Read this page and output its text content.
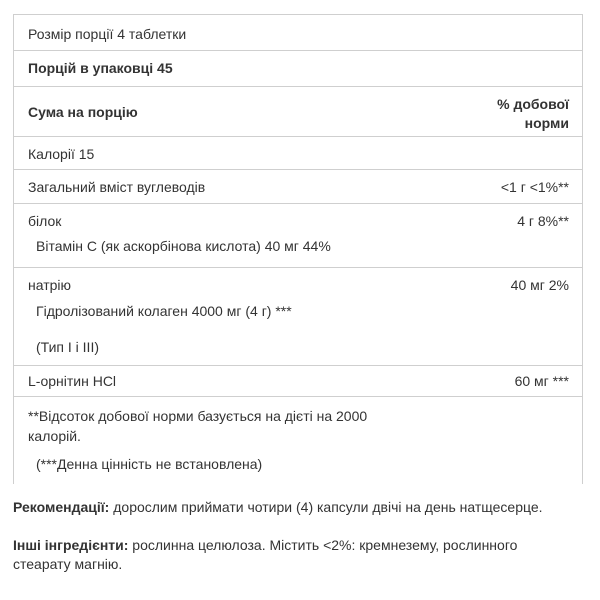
Розмір порції 4 таблетки
Порцій в упаковці 45
Сума на порцію	% добової
норми
Калорії 15
Загальний вміст вуглеводів	<1 г <1%**
білок	4 г 8%**
Вітамін С (як аскорбінова кислота) 40 мг 44%
натрію	40 мг 2%
Гідролізований колаген 4000 мг (4 г) ***
(Тип І і ІІІ)
L-орнітин HCl	60 мг ***
**Відсоток добової норми базується на дієті на 2000
калорій.
(***Денна цінність не встановлена)
Рекомендації: дорослим приймати чотири (4) капсули двічі на день натщесерце.
Інші інгредієнти: рослинна целюлоза. Містить <2%: кремнезему, рослинного
стеарату магнію.
